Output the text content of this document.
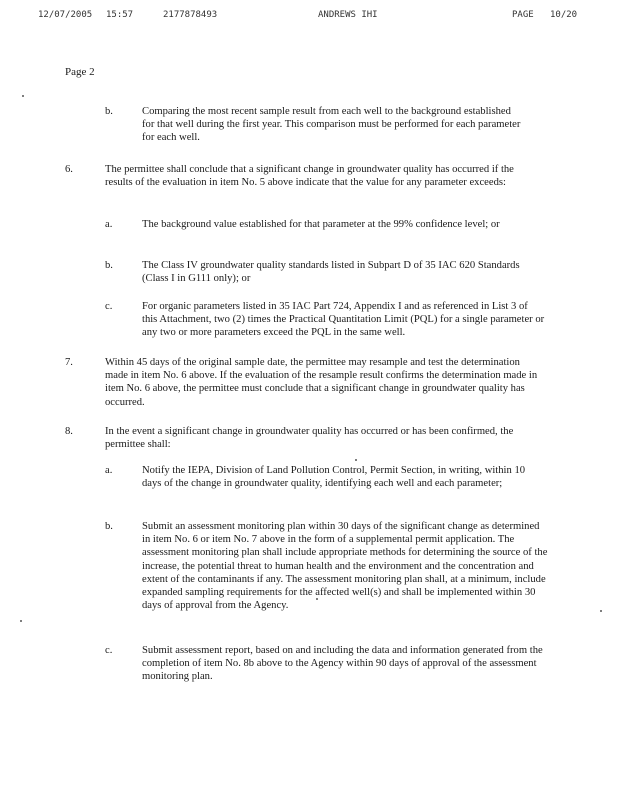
12/07/2005 15:57	2177878493	ANDREWS IHI	PAGE 10/20
Page 2
b.	Comparing the most recent sample result from each well to the background established for that well during the first year. This comparison must be performed for each parameter for each well.
6.	The permittee shall conclude that a significant change in groundwater quality has occurred if the results of the evaluation in item No. 5 above indicate that the value for any parameter exceeds:
a.	The background value established for that parameter at the 99% confidence level; or
b.	The Class IV groundwater quality standards listed in Subpart D of 35 IAC 620 Standards (Class I in G111 only); or
c.	For organic parameters listed in 35 IAC Part 724, Appendix I and as referenced in List 3 of this Attachment, two (2) times the Practical Quantitation Limit (PQL) for a single parameter or any two or more parameters exceed the PQL in the same well.
7.	Within 45 days of the original sample date, the permittee may resample and test the determination made in item No. 6 above. If the evaluation of the resample result confirms the determination made in item No. 6 above, the permittee must conclude that a significant change in groundwater quality has occurred.
8.	In the event a significant change in groundwater quality has occurred or has been confirmed, the permittee shall:
a.	Notify the IEPA, Division of Land Pollution Control, Permit Section, in writing, within 10 days of the change in groundwater quality, identifying each well and each parameter;
b.	Submit an assessment monitoring plan within 30 days of the significant change as determined in item No. 6 or item No. 7 above in the form of a supplemental permit application. The assessment monitoring plan shall include appropriate methods for determining the source of the increase, the potential threat to human health and the environment and the concentration and extent of the contaminants if any. The assessment monitoring plan shall, at a minimum, include expanded sampling requirements for the affected well(s) and shall be implemented within 30 days of approval from the Agency.
c.	Submit assessment report, based on and including the data and information generated from the completion of item No. 8b above to the Agency within 90 days of approval of the assessment monitoring plan.
